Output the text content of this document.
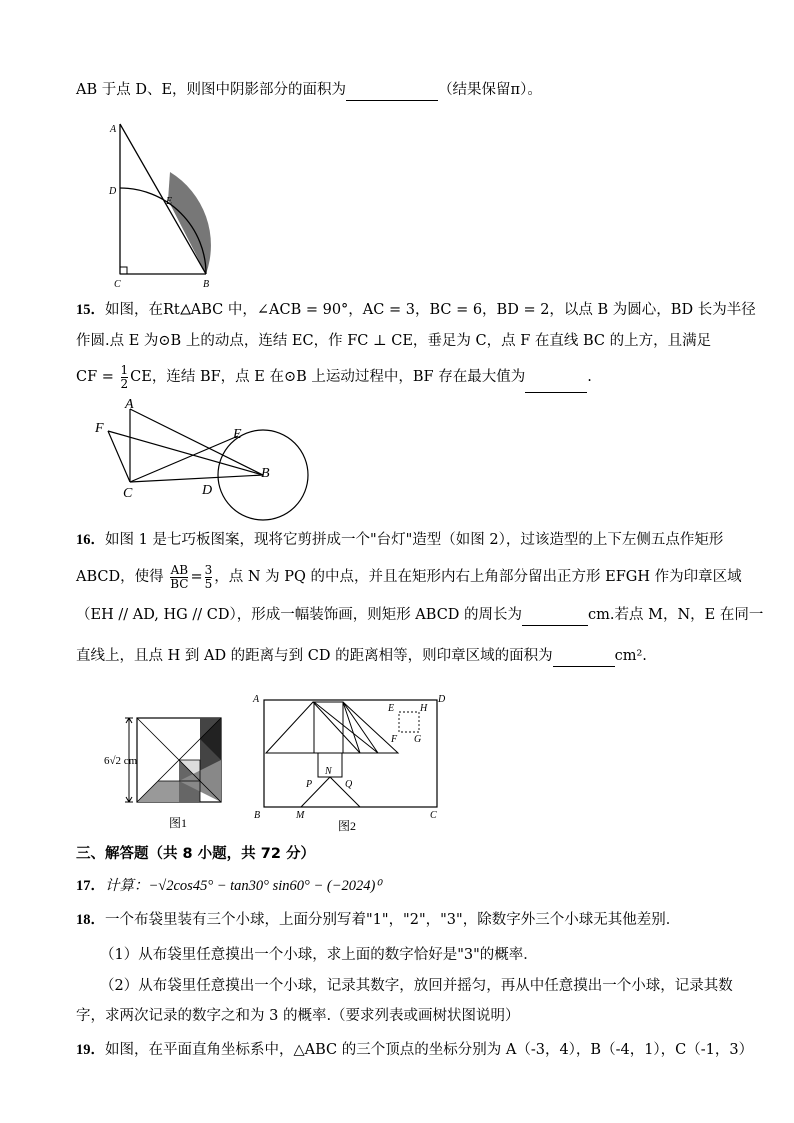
AB 于点 D、E，则图中阴影部分的面积为	（结果保留π）。
A
D
E
C	B
15．如图，在Rt ABC 中，∠ACB = 90°，AC = 3，BC = 6，BD = 2，以点 B 为圆心，BD 长为半径
作圆.点 E 为⊙B 上的动点，连结 EC，作 FC ⊥ CE，垂足为 C，点 F 在直线 BC 的上方，且满足
CF = $\frac{1}{2}$ CE，连结 BF，点 E 在⊙B 上运动过程中，BF 存在最大值为	.
A
F	E
B
C	D
16．如图 1 是七巧板图案，现将它剪拼成一个"台灯"造型（如图 2），过该造型的上下左侧五点作矩形
ABCD，使得 $\frac{AB}{BC} = \frac{3}{5}$ ，点 N 为 PQ 的中点，并且在矩形内右上角部分留出正方形 EFGH 作为印章区域
（EH // AD, HG // CD），形成一幅装饰画，则矩形 ABCD 的周长为	cm.若点 M，N，E 在同一
直线上，且点 H 到 AD 的距离与到 CD 的距离相等，则印章区域的面积为	cm².
6√2 cm
图1
A	D
E	H
F G
N
P	Q
B	M	C
图2
三、解答题（共 8 小题，共 72 分）
17．计算：−√2cos45° − tan30° sin60° − (−2024)⁰
18．一个布袋里装有三个小球，上面分别写着"1"，"2"，"3"，除数字外三个小球无其他差别．
（1）从布袋里任意摸出一个小球，求上面的数字恰好是"3"的概率．
（2）从布袋里任意摸出一个小球，记录其数字，放回并摇匀，再从中任意摸出一个小球，记录其数
字，求两次记录的数字之和为 3 的概率.（要求列表或画树状图说明）
19．如图，在平面直角坐标系中，△ABC 的三个顶点的坐标分别为 A（-3，4），B（-4，1），C（-1，3）
